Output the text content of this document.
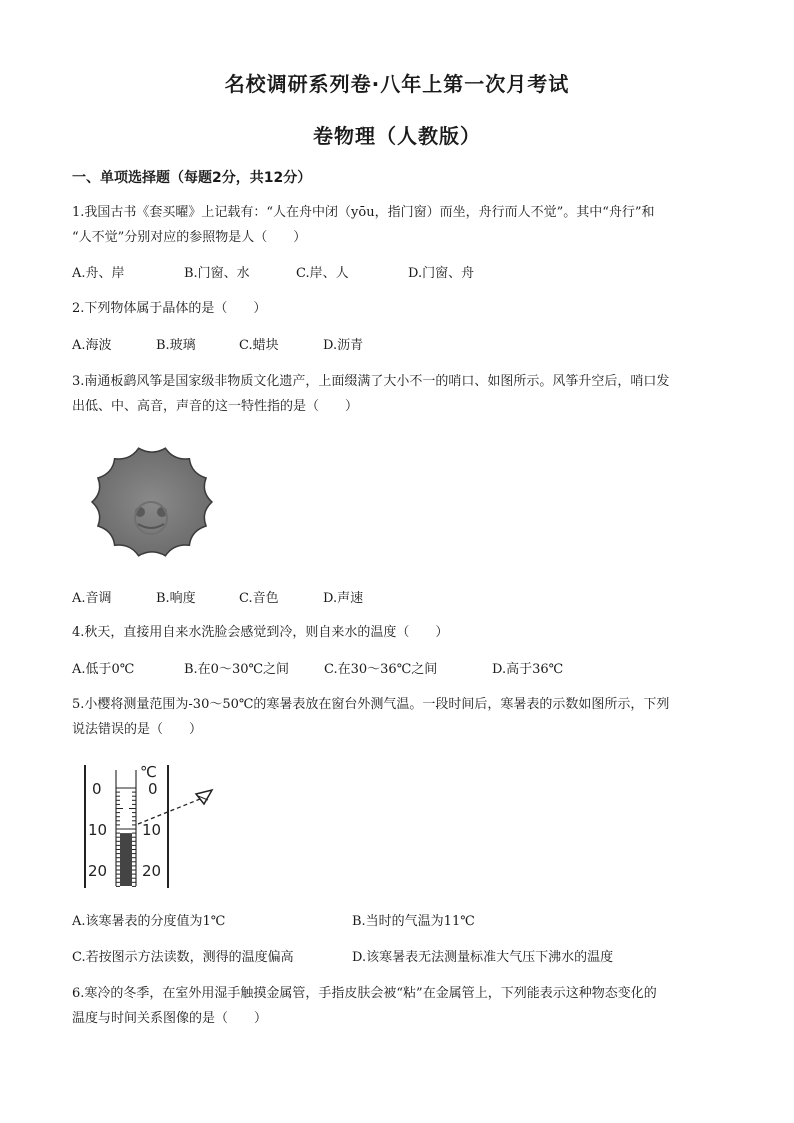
名校调研系列卷·八年上第一次月考试
卷物理（人教版）
一、单项选择题（每题2分，共12分）
1.我国古书《套买曜》上记载有：“人在舟中闭（yōu，指门窗）而坐，舟行而人不觉”。其中“舟行”和
“人不觉”分别对应的参照物是人（　　）
A.舟、岸	B.门窗、水	C.岸、人	D.门窗、舟
2.下列物体属于晶体的是（　　）
A.海波	B.玻璃	C.蜡块	D.沥青
3.南通板鹞风筝是国家级非物质文化遗产，上面缀满了大小不一的哨口、如图所示。风筝升空后，哨口发
出低、中、高音，声音的这一特性指的是（　　）
A.音调	B.响度	C.音色	D.声速
4.秋天，直接用自来水洗脸会感觉到冷，则自来水的温度（　　）
A.低于0℃	B.在0～30℃之间	C.在30～36℃之间	D.高于36℃
5.小樱将测量范围为-30～50℃的寒暑表放在窗台外测气温。一段时间后，寒暑表的示数如图所示，下列
说法错误的是（　　）
℃
0
10
20
0
10
20
A.该寒暑表的分度值为1℃	B.当时的气温为11℃
C.若按图示方法读数，测得的温度偏高	D.该寒暑表无法测量标准大气压下沸水的温度
6.寒冷的冬季，在室外用湿手触摸金属管，手指皮肤会被“粘”在金属管上，下列能表示这种物态变化的
温度与时间关系图像的是（　　）
